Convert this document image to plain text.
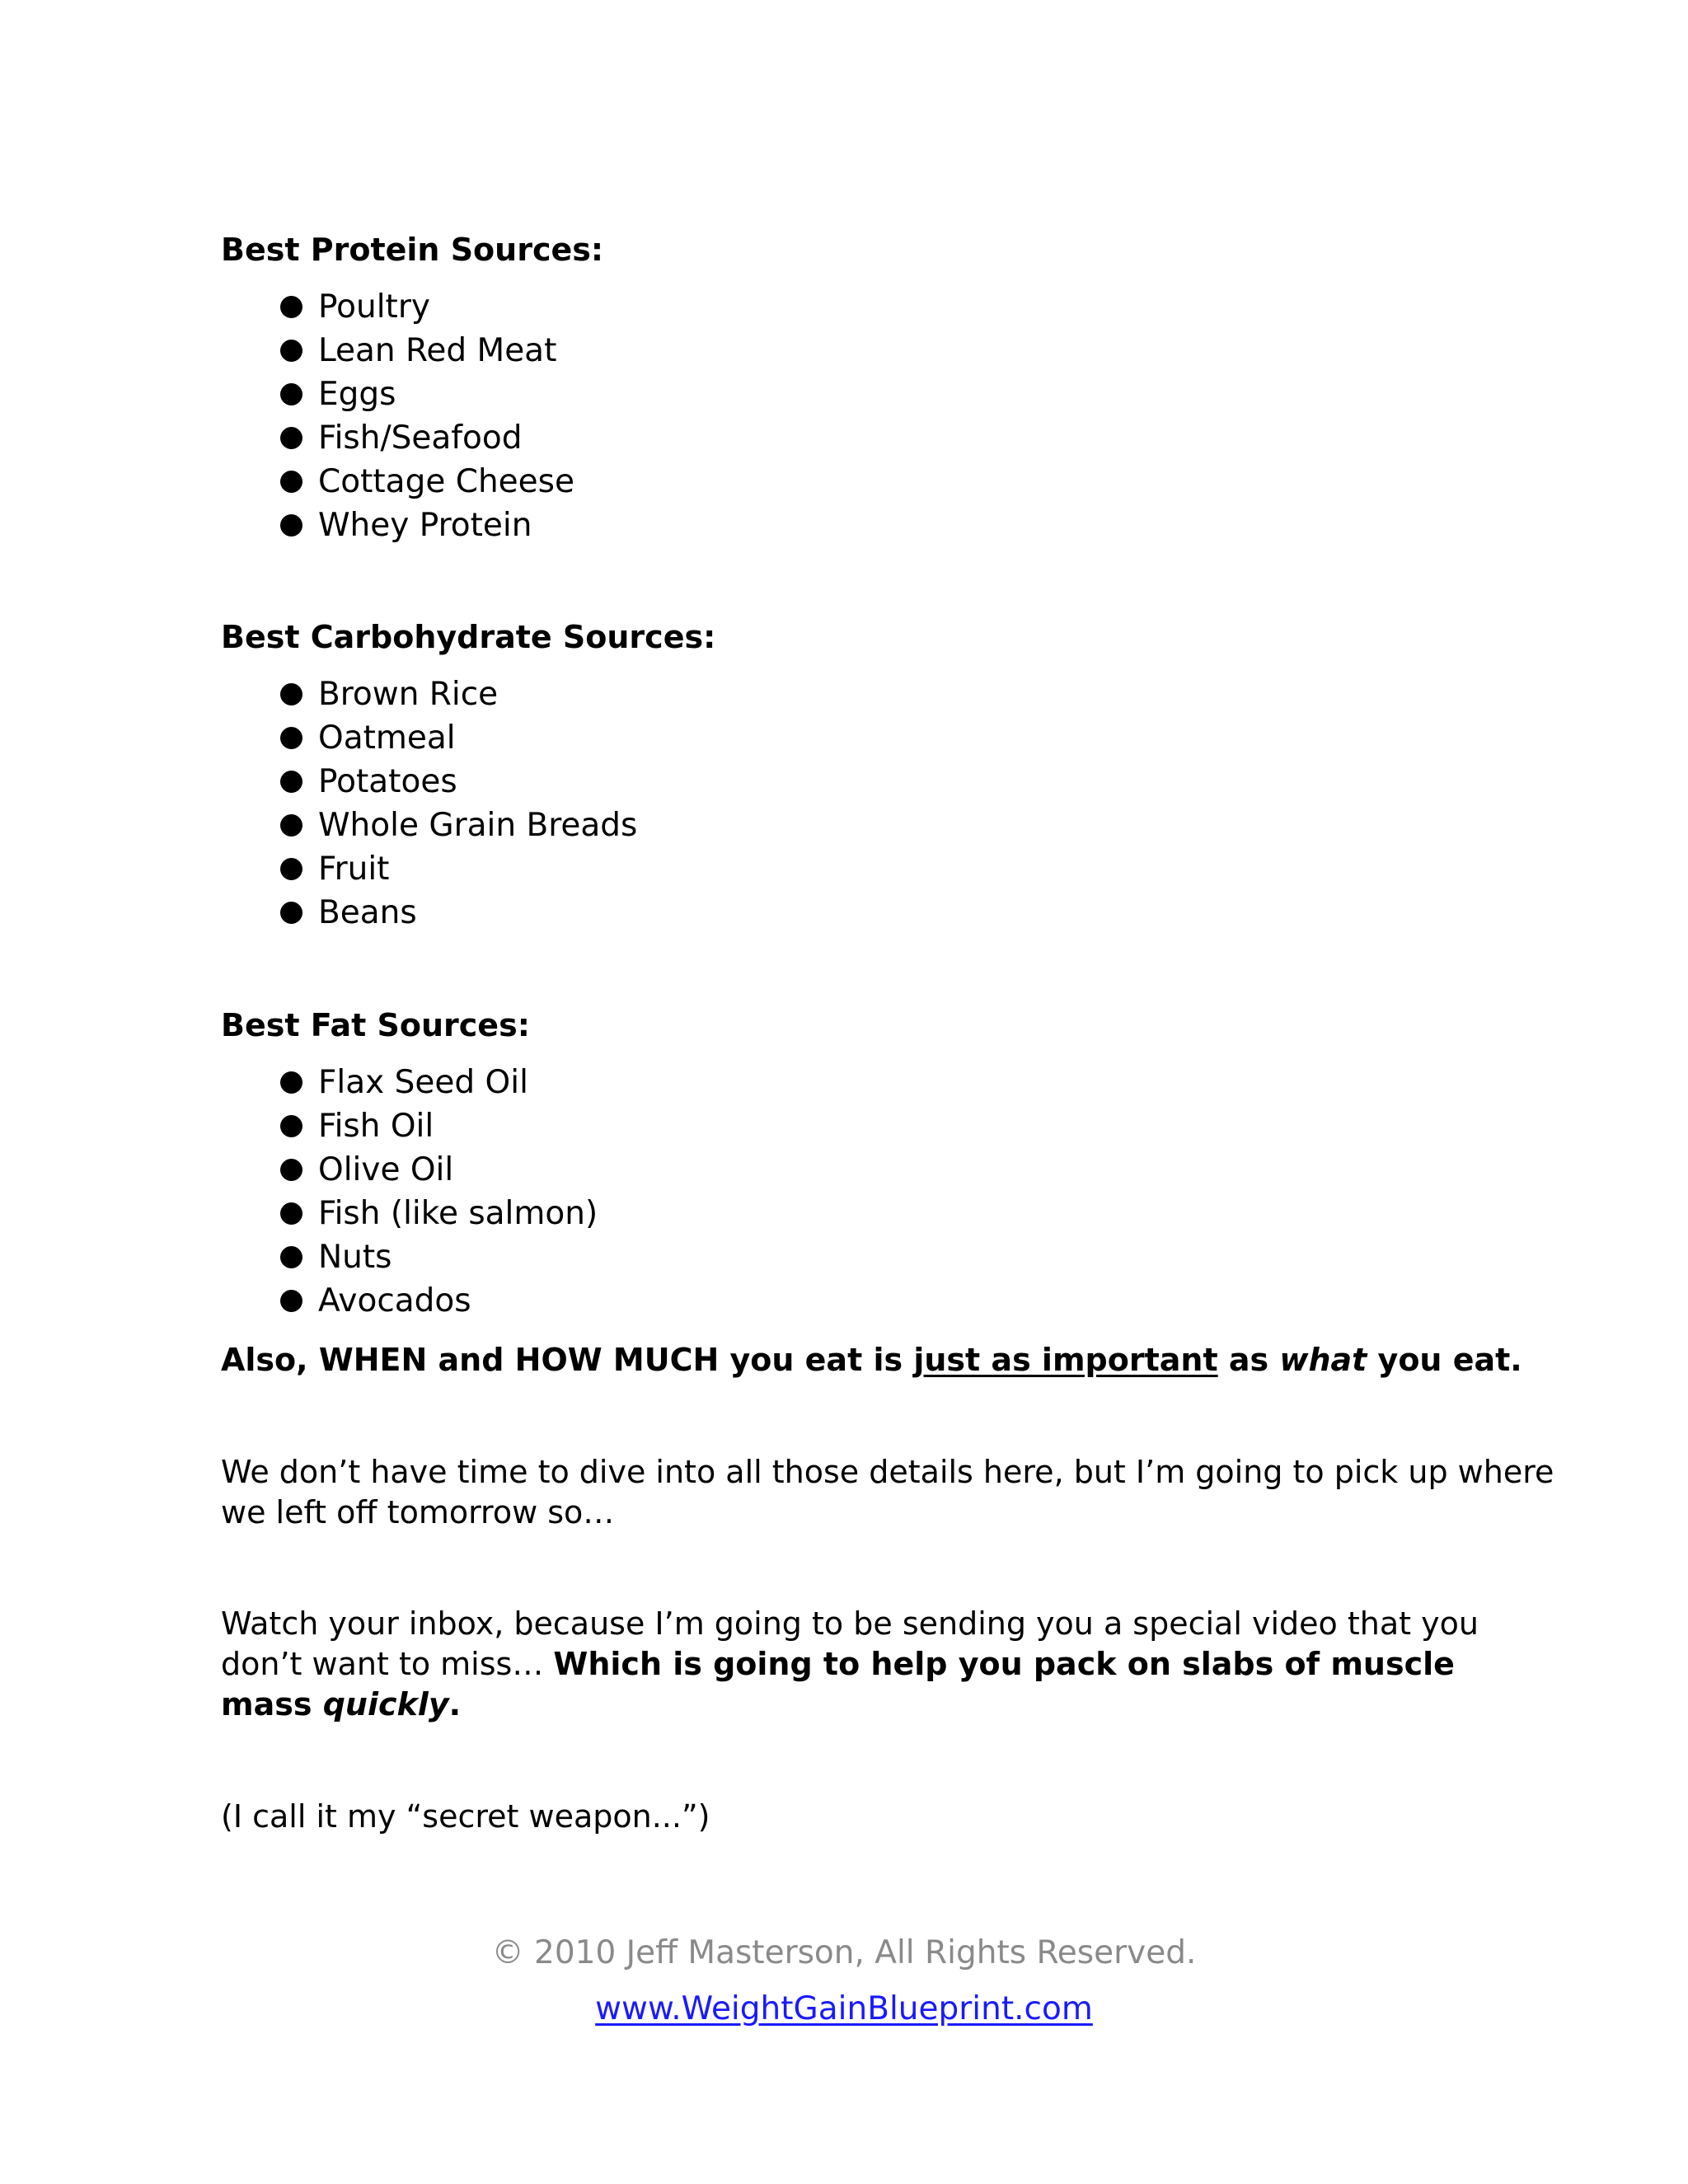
Best Protein Sources:
Poultry
Lean Red Meat
Eggs
Fish/Seafood
Cottage Cheese
Whey Protein
Best Carbohydrate Sources:
Brown Rice
Oatmeal
Potatoes
Whole Grain Breads
Fruit
Beans
Best Fat Sources:
Flax Seed Oil
Fish Oil
Olive Oil
Fish (like salmon)
Nuts
Avocados

Also, WHEN and HOW MUCH you eat is just as important as what you eat.

We don’t have time to dive into all those details here, but I’m going to pick up where
we left off tomorrow so…

Watch your inbox, because I’m going to be sending you a special video that you
don’t want to miss… Which is going to help you pack on slabs of muscle
mass quickly.

(I call it my “secret weapon...”)

© 2010 Jeff Masterson, All Rights Reserved.

www.WeightGainBlueprint.com
